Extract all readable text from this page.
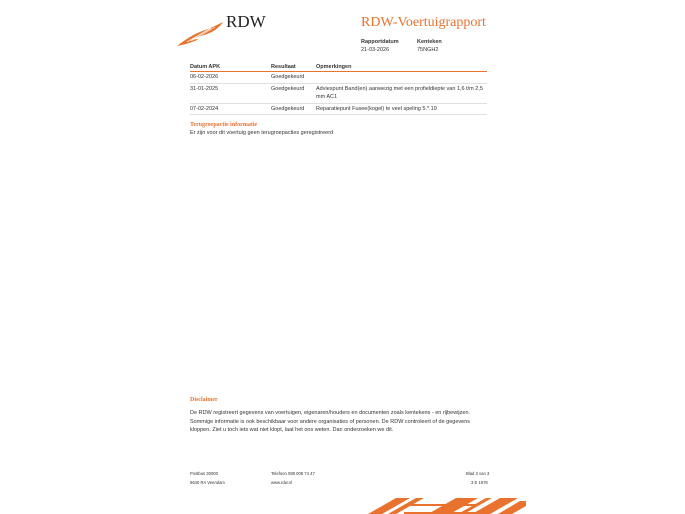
RDW	RDW-Voertuigrapport
Rapportdatum
21-03-2026
Kenteken
75NGH2
Datum APK	Resultaat	Opmerkingen
06-02-2026	Goedgekeurd	
31-01-2025	Goedgekeurd	Adviespunt Band(en) aanwezig met een profieldiepte van 1,6 t/m 2,5 mm AC1
07-02-2024	Goedgekeurd	Reparatiepunt Fusee(kogel) te veel speling 5.*.19
Terugroepactie informatie
Er zijn voor dit voertuig geen terugroepacties geregistreerd
Disclaimer
De RDW registreert gegevens van voertuigen, eigenaren/houders en documenten zoals kentekens - en rijbewijzen. Sommige informatie is ook beschikbaar voor andere organisaties of personen. De RDW controleert of de gegevens kloppen. Ziet u toch iets wat niet klopt, laat het ons weten. Dan onderzoeken we dit.
Postbus 30000
9640 RA Veendam
Telefoon 088 008 74 47
www.rdw.nl
Blad 3 van 3
3 E 1978
